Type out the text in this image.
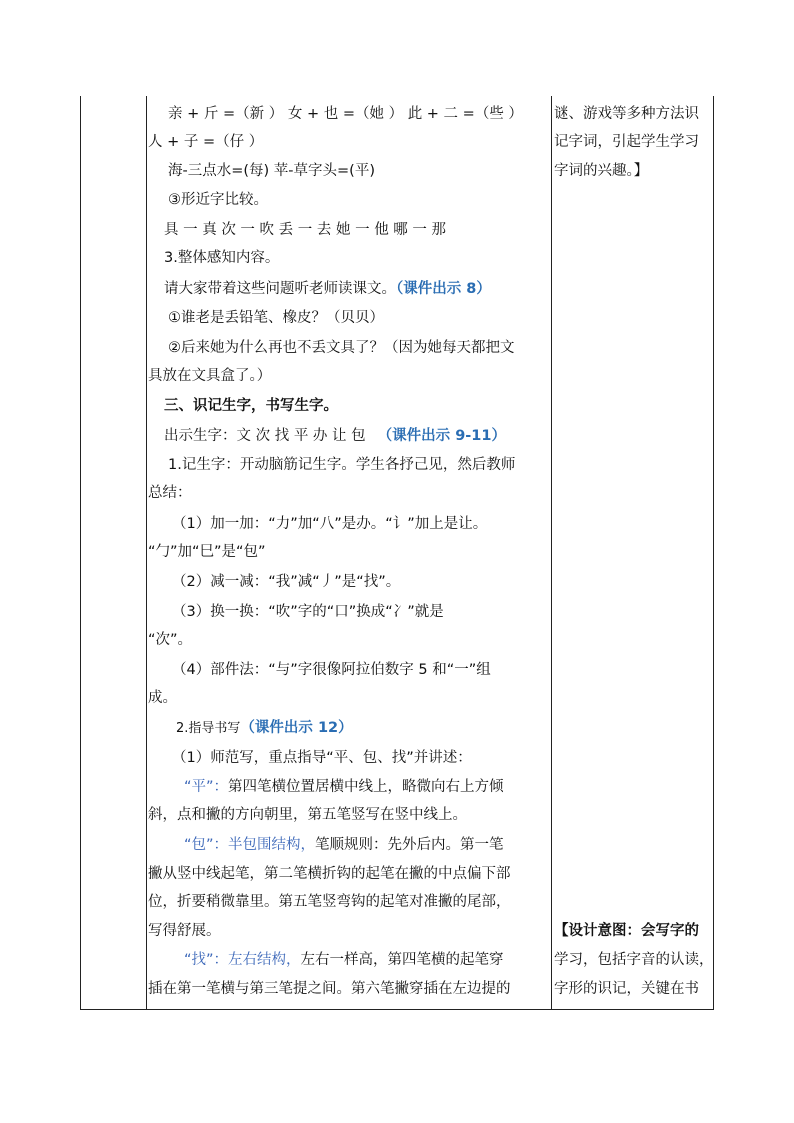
亲 + 斤 =（新 ） 女 + 也 =（她 ） 此 + 二 =（些 ）
人 + 子 =（仔 ）
海-三点水=(每) 苹-草字头=(平)
③形近字比较。
具 一 真 次 一 吹 丢 一 去 她 一 他 哪 一 那
3.整体感知内容。
请大家带着这些问题听老师读课文。（课件出示 8）
①谁老是丢铅笔、橡皮？（贝贝）
②后来她为什么再也不丢文具了？（因为她每天都把文
具放在文具盒了。）
三、识记生字，书写生字。
出示生字：文 次 找 平 办 让 包 （课件出示 9-11）
1.记生字：开动脑筋记生字。学生各抒己见，然后教师
总结：
（1）加一加：“力”加“八”是办。“讠”加上是让。
“勹”加“巳”是“包”
（2）减一减：“我”减“丿”是“找”。
（3）换一换：“吹”字的“口”换成“冫”就是
“次”。
（4）部件法：“与”字很像阿拉伯数字 5 和“一”组
成。
2.指导书写（课件出示 12）
（1）师范写，重点指导“平、包、找”并讲述：
“平”：第四笔横位置居横中线上，略微向右上方倾
斜，点和撇的方向朝里，第五笔竖写在竖中线上。
“包”：半包围结构，笔顺规则：先外后内。第一笔
撇从竖中线起笔，第二笔横折钩的起笔在撇的中点偏下部
位，折要稍微靠里。第五笔竖弯钩的起笔对准撇的尾部，
写得舒展。
“找”：左右结构，左右一样高，第四笔横的起笔穿
插在第一笔横与第三笔提之间。第六笔撇穿插在左边提的
谜、游戏等多种方法识
记字词，引起学生学习
字词的兴趣。】
【设计意图：会写字的
学习，包括字音的认读，
字形的识记，关键在书
